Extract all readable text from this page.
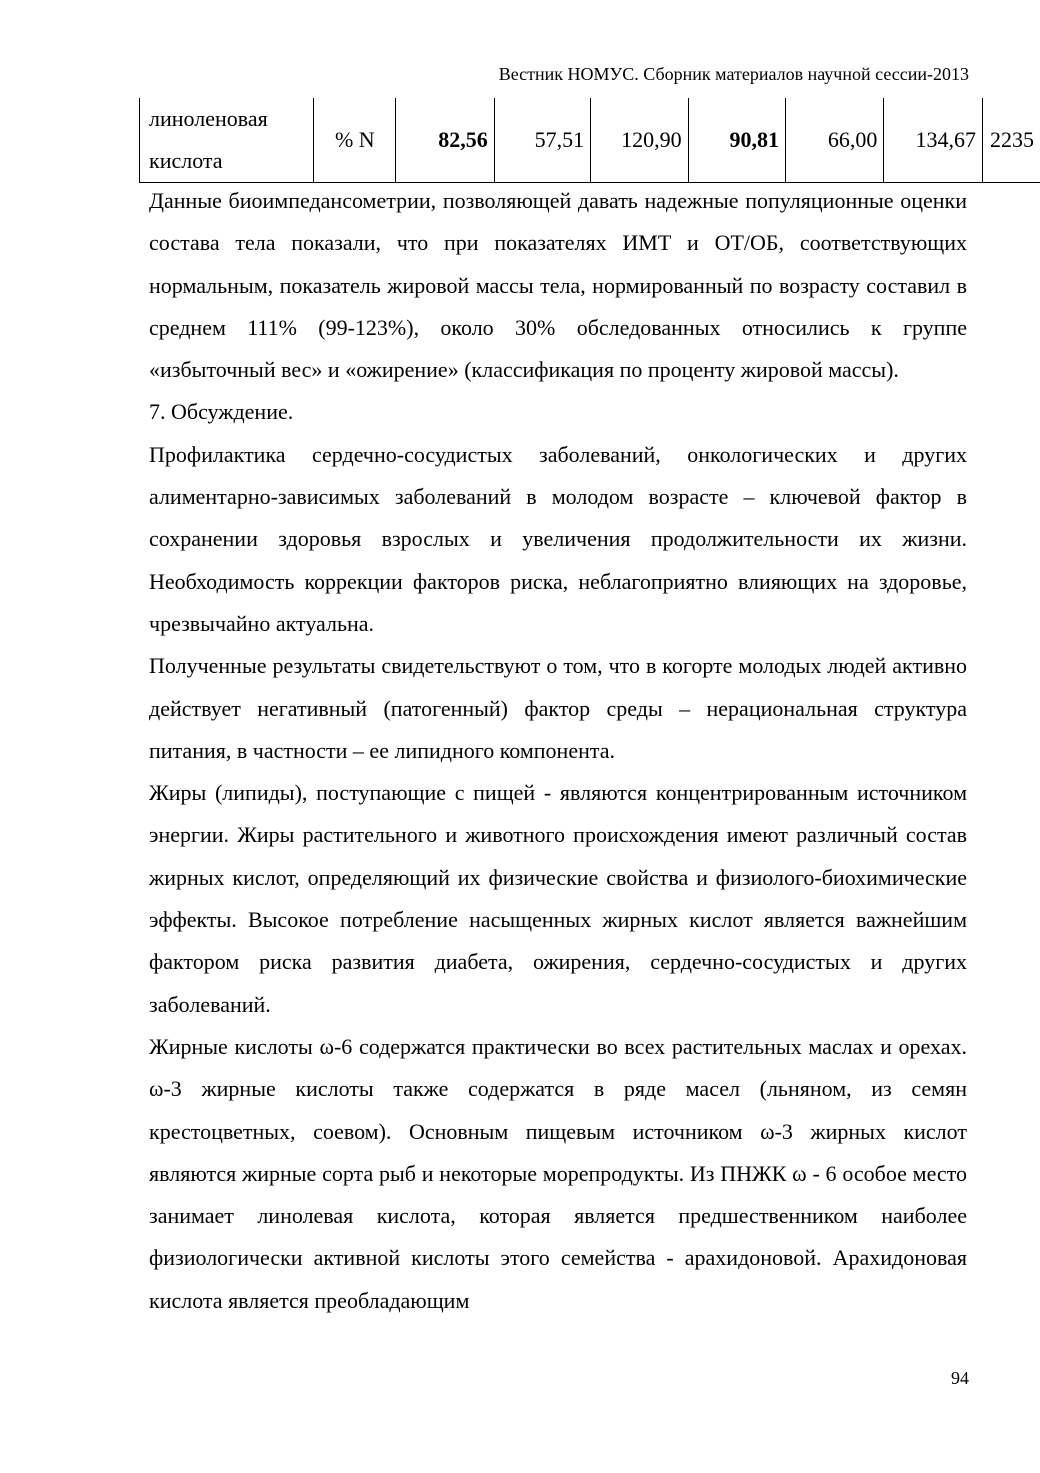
Вестник НОМУС. Сборник материалов научной сессии-2013
линоленовая
кислота	% N	82,56	57,51	120,90	90,81	66,00	134,67	2235

Данные биоимпедансометрии, позволяющей давать надежные популяционные оценки состава тела показали, что при показателях ИМТ и ОТ/ОБ, соответствующих нормальным, показатель жировой массы тела, нормированный по возрасту составил в среднем 111% (99-123%), около 30% обследованных относились к группе «избыточный вес» и «ожирение» (классификация по проценту жировой массы).

7. Обсуждение.

Профилактика сердечно-сосудистых заболеваний, онкологических и других алиментарно-зависимых заболеваний в молодом возрасте – ключевой фактор в сохранении здоровья взрослых и увеличения продолжительности их жизни. Необходимость коррекции факторов риска, неблагоприятно влияющих на здоровье, чрезвычайно актуальна.

Полученные результаты свидетельствуют о том, что в когорте молодых людей активно действует негативный (патогенный) фактор среды – нерациональная структура питания, в частности – ее липидного компонента.

Жиры (липиды), поступающие с пищей - являются концентрированным источником энергии. Жиры растительного и животного происхождения имеют различный состав жирных кислот, определяющий их физические свойства и физиолого-биохимические эффекты. Высокое потребление насыщенных жирных кислот является важнейшим фактором риска развития диабета, ожирения, сердечно-сосудистых и других заболеваний.

Жирные кислоты ω-6 содержатся практически во всех растительных маслах и орехах. ω-3 жирные кислоты также содержатся в ряде масел (льняном, из семян крестоцветных, соевом). Основным пищевым источником ω-3 жирных кислот являются жирные сорта рыб и некоторые морепродукты. Из ПНЖК ω - 6 особое место занимает линолевая кислота, которая является предшественником наиболее физиологически активной кислоты этого семейства - арахидоновой. Арахидоновая кислота является преобладающим

94
